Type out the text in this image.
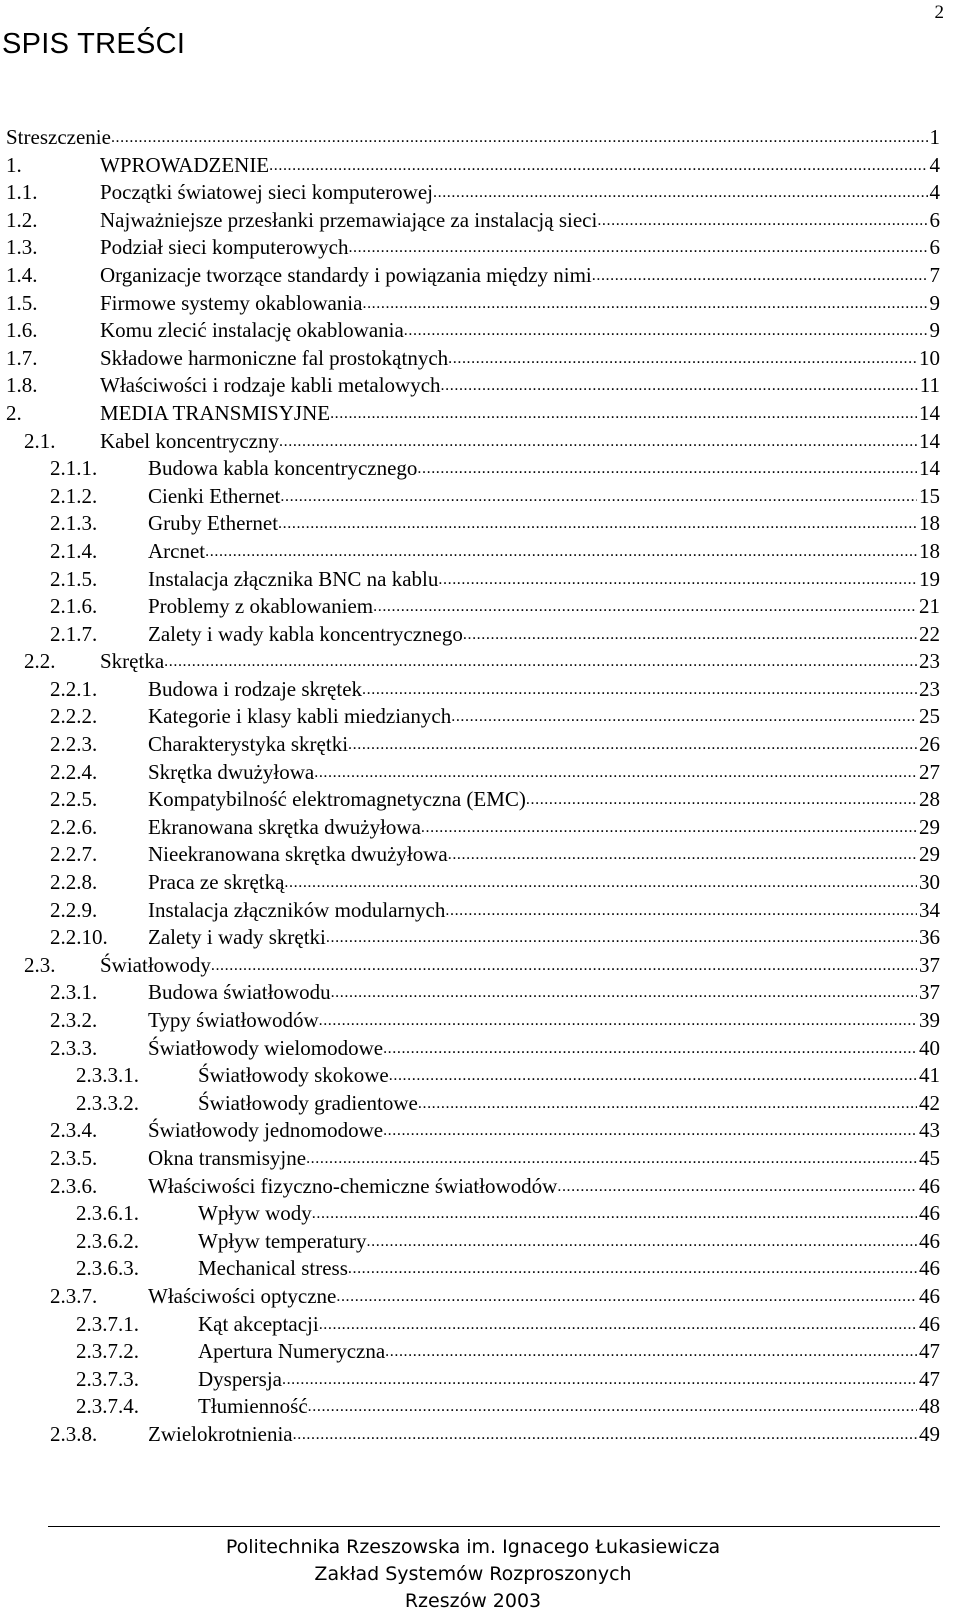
2
SPIS TREŚCI
Streszczenie .....	1
1.	WPROWADZENIE .....	4
1.1.	Początki światowej sieci komputerowej .....	4
1.2.	Najważniejsze przesłanki przemawiające za instalacją sieci .....	6
1.3.	Podział sieci komputerowych .....	6
1.4.	Organizacje tworzące standardy i powiązania między nimi .....	7
1.5.	Firmowe systemy okablowania .....	9
1.6.	Komu zlecić instalację okablowania .....	9
1.7.	Składowe harmoniczne fal prostokątnych .....	10
1.8.	Właściwości i rodzaje kabli metalowych .....	11
2.	MEDIA TRANSMISYJNE .....	14
2.1. Kabel koncentryczny .....	14
2.1.1. Budowa kabla koncentrycznego .....	14
2.1.2. Cienki Ethernet .....	15
2.1.3. Gruby Ethernet .....	18
2.1.4. Arcnet .....	18
2.1.5. Instalacja złącznika BNC na kablu .....	19
2.1.6. Problemy z okablowaniem .....	21
2.1.7. Zalety i wady kabla koncentrycznego .....	22
2.2. Skrętka .....	23
2.2.1. Budowa i rodzaje skrętek .....	23
2.2.2. Kategorie i klasy kabli miedzianych .....	25
2.2.3. Charakterystyka skrętki .....	26
2.2.4. Skrętka dwużyłowa .....	27
2.2.5. Kompatybilność elektromagnetyczna (EMC) .....	28
2.2.6. Ekranowana skrętka dwużyłowa .....	29
2.2.7. Nieekranowana skrętka dwużyłowa .....	29
2.2.8. Praca ze skrętką .....	30
2.2.9. Instalacja złączników modularnych .....	34
2.2.10. Zalety i wady skrętki .....	36
2.3. Światłowody .....	37
2.3.1. Budowa światłowodu .....	37
2.3.2. Typy światłowodów .....	39
2.3.3. Światłowody wielomodowe .....	40
2.3.3.1.	Światłowody skokowe .....	41
2.3.3.2.	Światłowody gradientowe .....	42
2.3.4. Światłowody jednomodowe .....	43
2.3.5. Okna transmisyjne .....	45
2.3.6. Właściwości fizyczno-chemiczne światłowodów .....	46
2.3.6.1.	Wpływ wody .....	46
2.3.6.2.	Wpływ temperatury .....	46
2.3.6.3.	Mechanical stress .....	46
2.3.7. Właściwości optyczne .....	46
2.3.7.1.	Kąt akceptacji .....	46
2.3.7.2.	Apertura Numeryczna .....	47
2.3.7.3.	Dyspersja .....	47
2.3.7.4.	Tłumienność .....	48
2.3.8. Zwielokrotnienia .....	49
Politechnika Rzeszowska im. Ignacego Łukasiewicza
Zakład Systemów Rozproszonych
Rzeszów 2003
